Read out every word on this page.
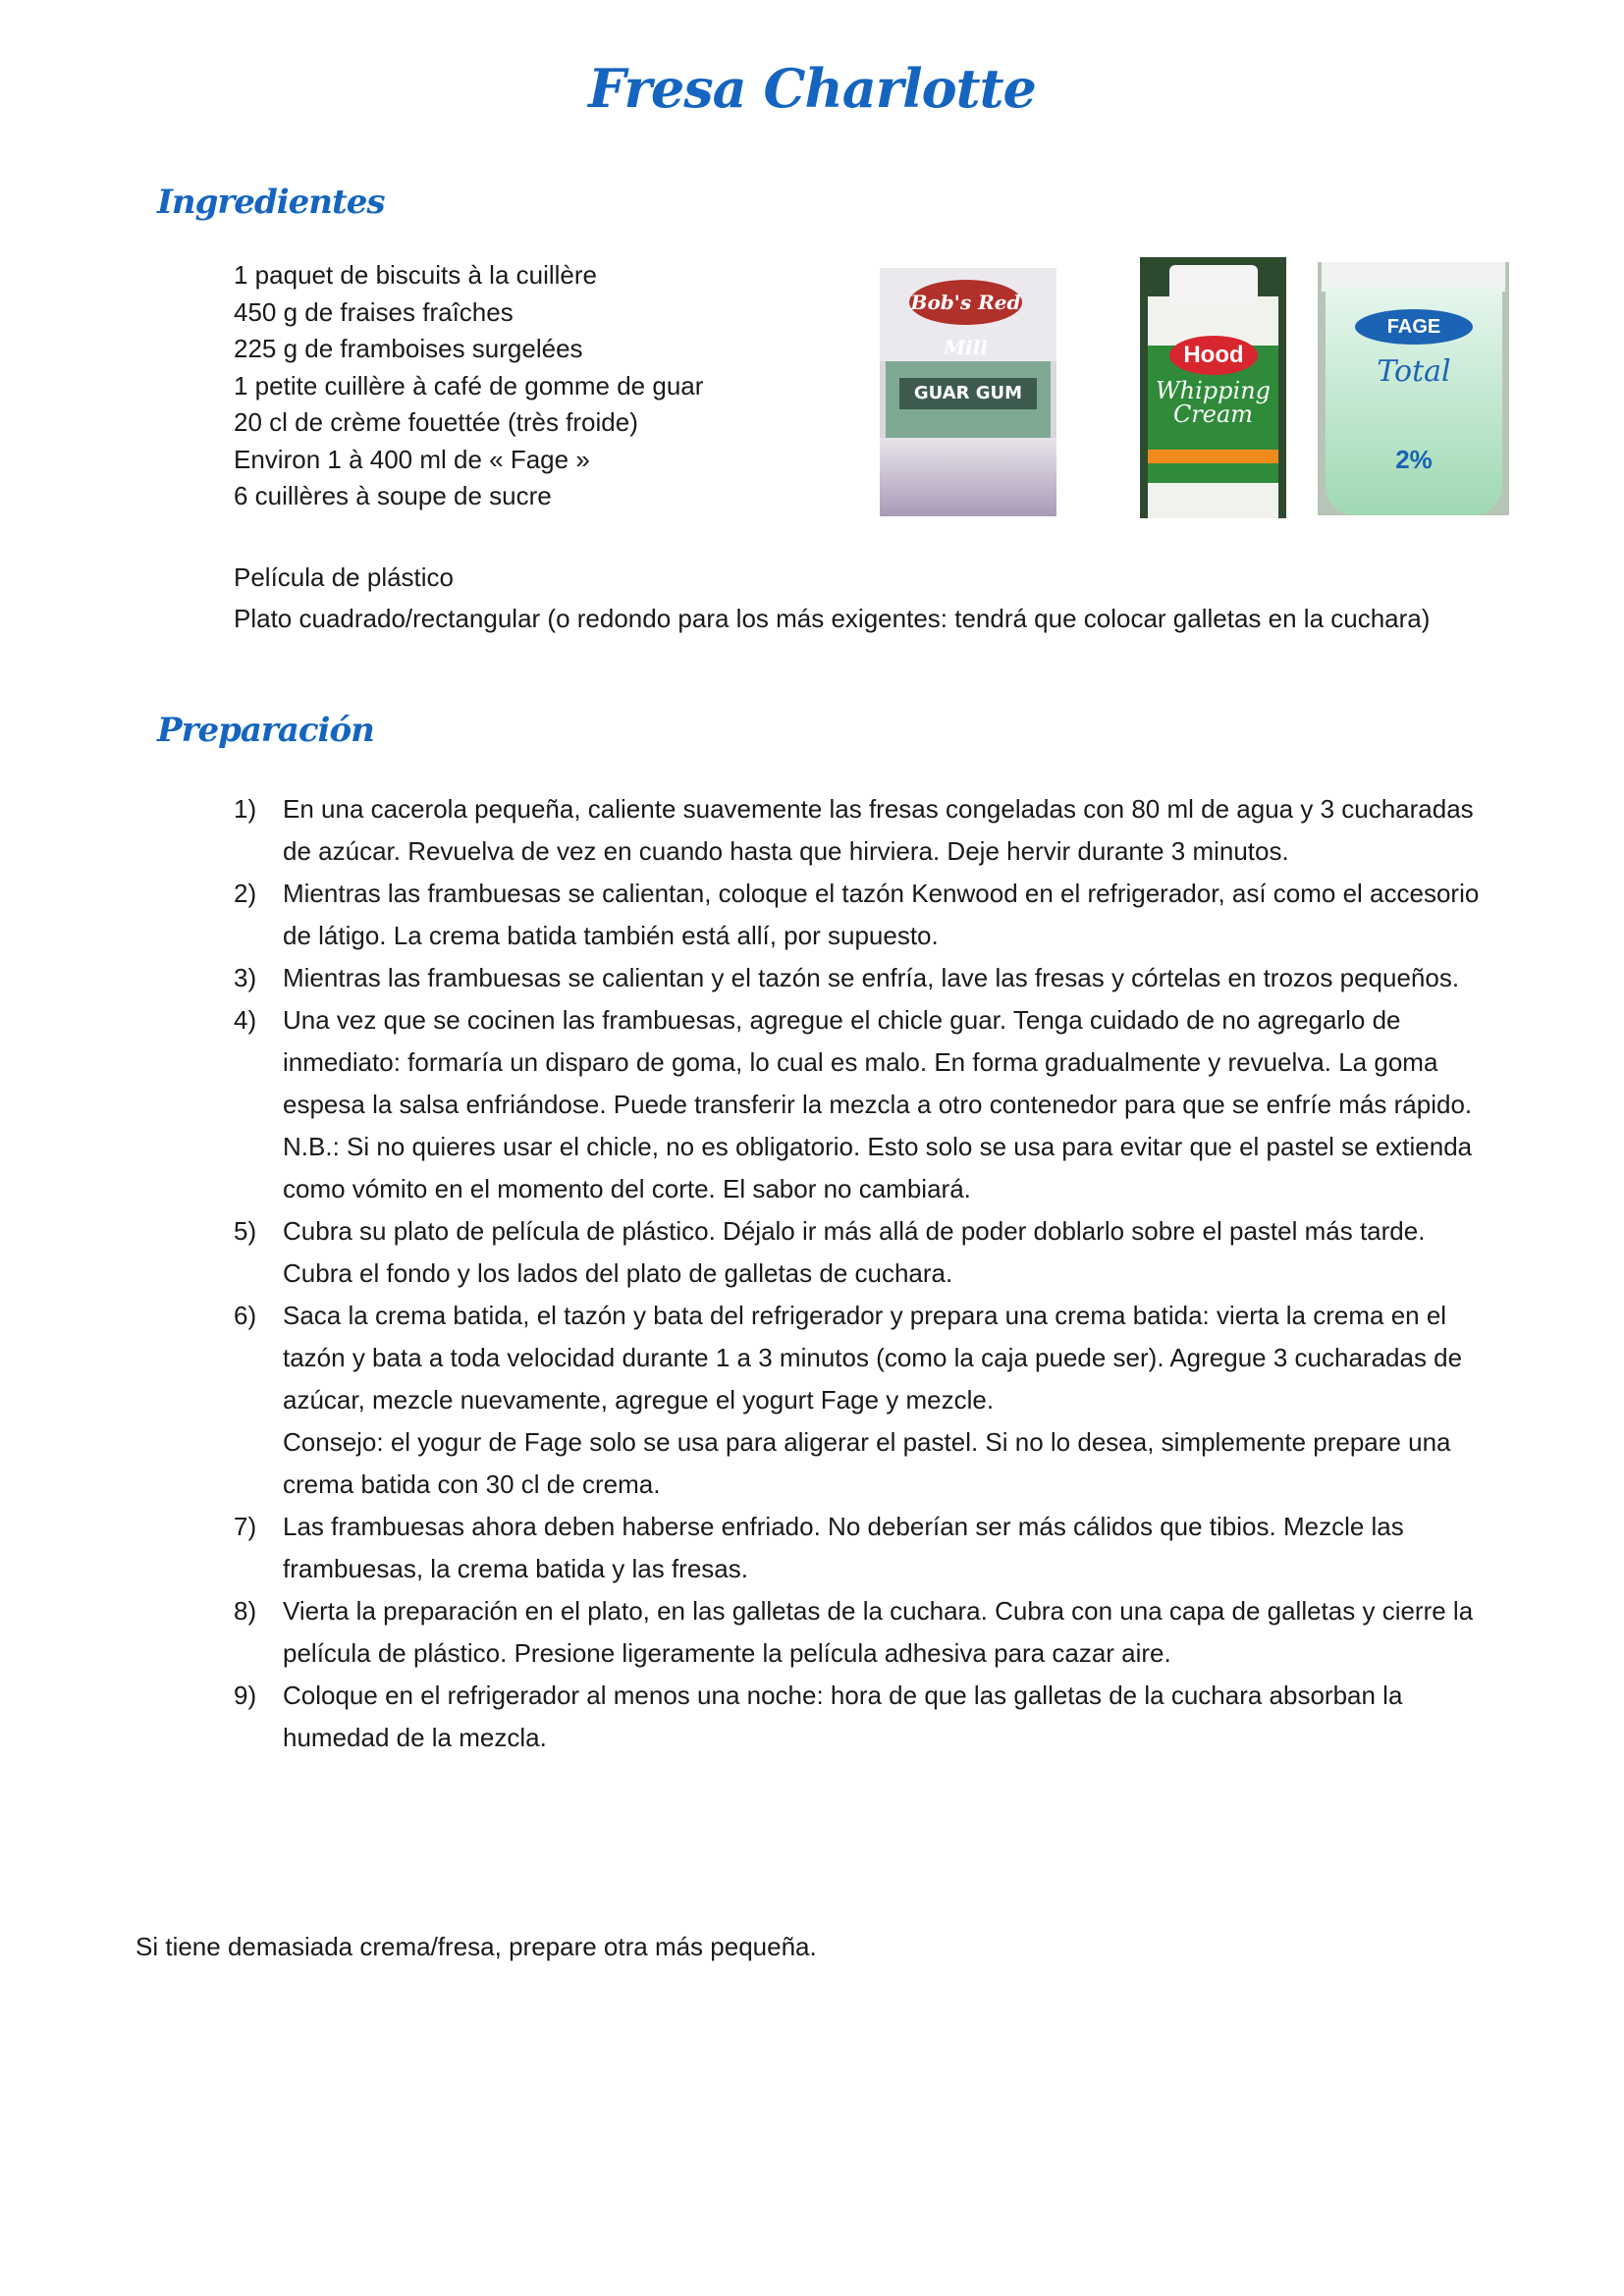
Fresa Charlotte
Ingredientes
1 paquet de biscuits à la cuillère
450 g de fraises fraîches
225 g de framboises surgelées
1 petite cuillère à café de gomme de guar
20 cl de crème fouettée (très froide)
Environ 1 à 400 ml de « Fage »
6 cuillères à soupe de sucre
Bob's Red Mill
GUAR GUM
Hood
Whipping Cream
FAGE
Total
2%
Película de plástico
Plato cuadrado/rectangular (o redondo para los más exigentes: tendrá que colocar galletas en la cuchara)
Preparación
1) En una cacerola pequeña, caliente suavemente las fresas congeladas con 80 ml de agua y 3 cucharadas de azúcar. Revuelva de vez en cuando hasta que hirviera. Deje hervir durante 3 minutos.
2) Mientras las frambuesas se calientan, coloque el tazón Kenwood en el refrigerador, así como el accesorio de látigo. La crema batida también está allí, por supuesto.
3) Mientras las frambuesas se calientan y el tazón se enfría, lave las fresas y córtelas en trozos pequeños.
4) Una vez que se cocinen las frambuesas, agregue el chicle guar. Tenga cuidado de no agregarlo de inmediato: formaría un disparo de goma, lo cual es malo. En forma gradualmente y revuelva. La goma espesa la salsa enfriándose. Puede transferir la mezcla a otro contenedor para que se enfríe más rápido.
N.B.: Si no quieres usar el chicle, no es obligatorio. Esto solo se usa para evitar que el pastel se extienda como vómito en el momento del corte. El sabor no cambiará.
5) Cubra su plato de película de plástico. Déjalo ir más allá de poder doblarlo sobre el pastel más tarde. Cubra el fondo y los lados del plato de galletas de cuchara.
6) Saca la crema batida, el tazón y bata del refrigerador y prepara una crema batida: vierta la crema en el tazón y bata a toda velocidad durante 1 a 3 minutos (como la caja puede ser). Agregue 3 cucharadas de azúcar, mezcle nuevamente, agregue el yogurt Fage y mezcle.
Consejo: el yogur de Fage solo se usa para aligerar el pastel. Si no lo desea, simplemente prepare una crema batida con 30 cl de crema.
7) Las frambuesas ahora deben haberse enfriado. No deberían ser más cálidos que tibios. Mezcle las frambuesas, la crema batida y las fresas.
8) Vierta la preparación en el plato, en las galletas de la cuchara. Cubra con una capa de galletas y cierre la película de plástico. Presione ligeramente la película adhesiva para cazar aire.
9) Coloque en el refrigerador al menos una noche: hora de que las galletas de la cuchara absorban la humedad de la mezcla.
Si tiene demasiada crema/fresa, prepare otra más pequeña.
